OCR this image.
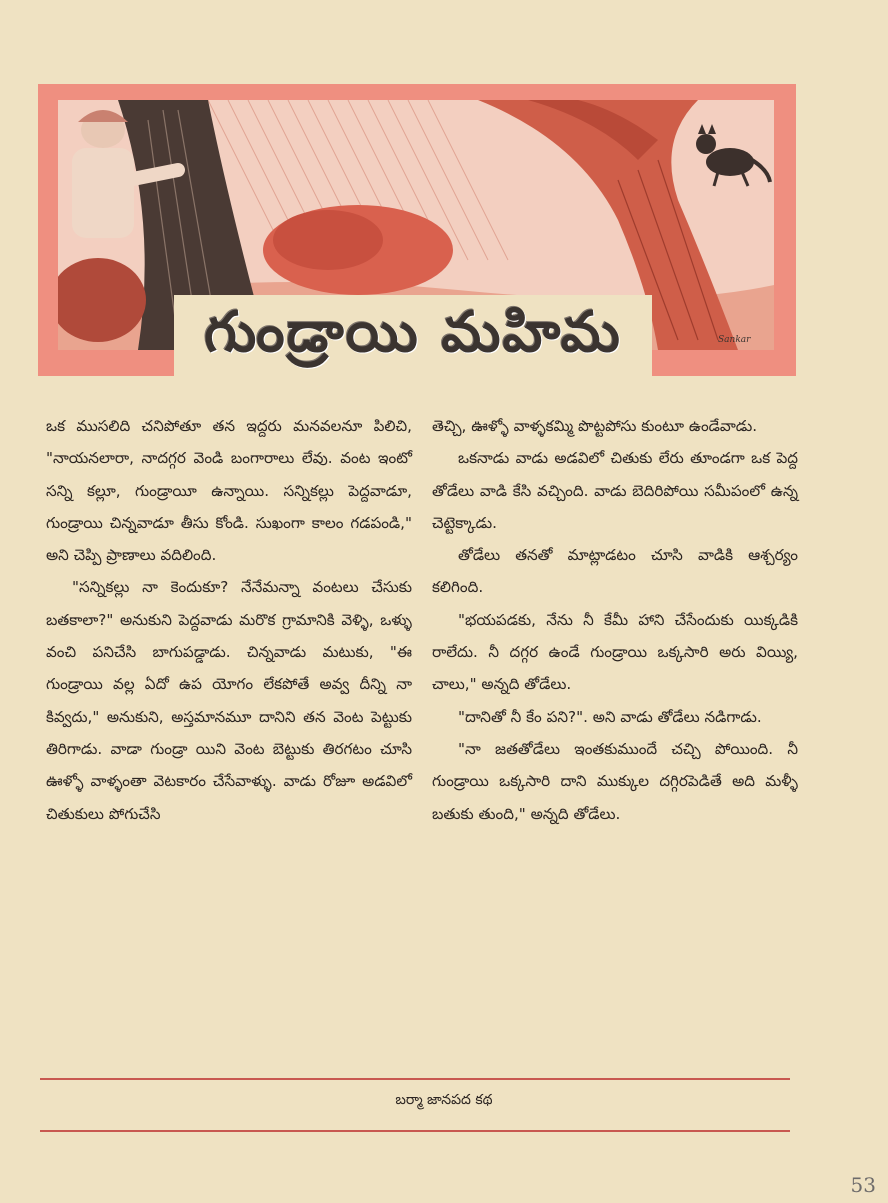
గుండ్రాయి మహిమ	Sankar

ఒక ముసలిది చనిపోతూ తన ఇద్దరు మనవలనూ పిలిచి, "నాయనలారా, నాదగ్గర వెండి బంగారాలు లేవు. వంట ఇంటో సన్ని కల్లూ, గుండ్రాయీ ఉన్నాయి. సన్నికల్లు పెద్దవాడూ, గుండ్రాయి చిన్నవాడూ తీసు కోండి. సుఖంగా కాలం గడపండి," అని చెప్పి ప్రాణాలు వదిలింది.

"సన్నికల్లు నా కెందుకూ? నేనేమన్నా వంటలు చేసుకు బతకాలా?" అనుకుని పెద్దవాడు మరొక గ్రామానికి వెళ్ళి, ఒళ్ళు వంచి పనిచేసి బాగుపడ్డాడు. చిన్నవాడు మటుకు, "ఈ గుండ్రాయి వల్ల ఏదో ఉప యోగం లేకపోతే అవ్వ దీన్ని నా కివ్వదు," అనుకుని, అస్తమానమూ దానిని తన వెంట పెట్టుకు తిరిగాడు. వాడా గుండ్రా యిని వెంట బెట్టుకు తిరగటం చూసి ఊళ్ళో వాళ్ళంతా వెటకారం చేసేవాళ్ళు. వాడు రోజూ అడవిలో చితుకులు పోగుచేసి

తెచ్చి, ఊళ్ళో వాళ్ళకమ్మి పొట్టపోసు కుంటూ ఉండేవాడు.

ఒకనాడు వాడు అడవిలో చితుకు లేరు తూండగా ఒక పెద్ద తోడేలు వాడి కేసి వచ్చింది. వాడు బెదిరిపోయి సమీపంలో ఉన్న చెట్టెక్కాడు.

తోడేలు తనతో మాట్లాడటం చూసి వాడికి ఆశ్చర్యం కలిగింది.

"భయపడకు, నేను నీ కేమీ హాని చేసేందుకు యిక్కడికి రాలేదు. నీ దగ్గర ఉండే గుండ్రాయి ఒక్కసారి అరు వియ్యి, చాలు," అన్నది తోడేలు.

"దానితో నీ కేం పని?". అని వాడు తోడేలు నడిగాడు.

"నా జతతోడేలు ఇంతకుముందే చచ్చి పోయింది. నీ గుండ్రాయి ఒక్కసారి దాని ముక్కుల దగ్గిరపెడితే అది మళ్ళీ బతుకు తుంది," అన్నది తోడేలు.

బర్మా జానపద కథ
53
